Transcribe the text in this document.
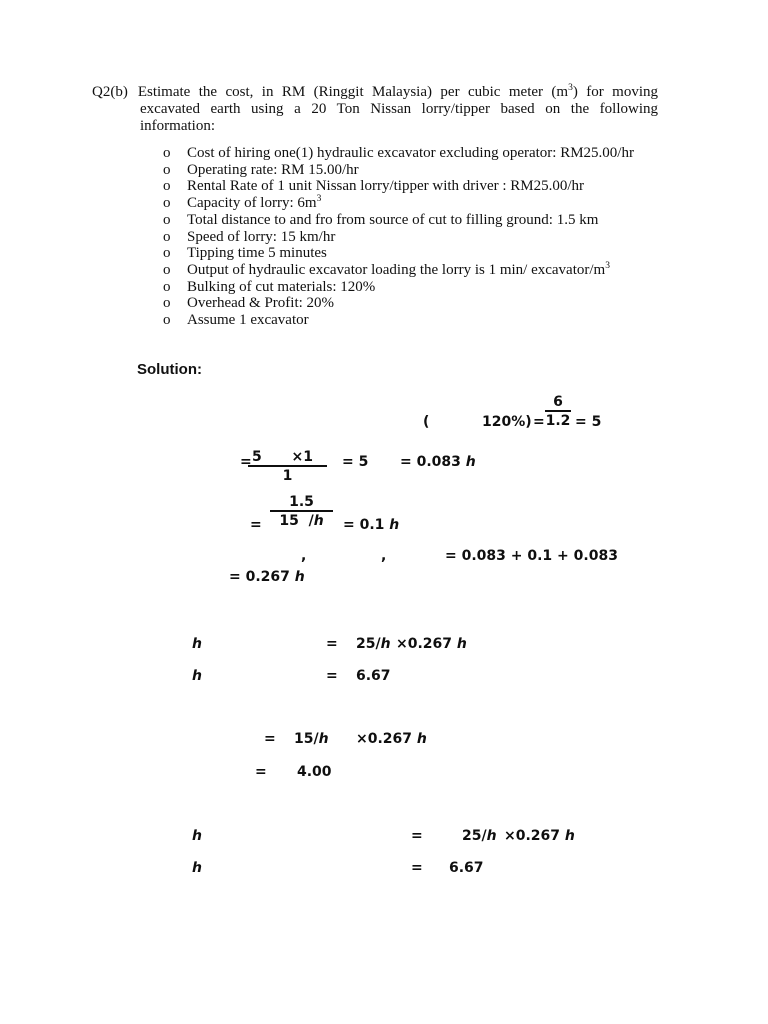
Q2(b) Estimate the cost, in RM (Ringgit Malaysia) per cubic meter $(m^3)$ for moving excavated earth using a 20 Ton Nissan lorry/tipper based on the following information:

o	Cost of hiring one(1) hydraulic excavator excluding operator: RM25.00/hr
o	Operating rate: RM 15.00/hr
o	Rental Rate of 1 unit Nissan lorry/tipper with driver : RM25.00/hr
o	Capacity of lorry: $6m^3$
o	Total distance to and fro from source of cut to filling ground: 1.5 km
o	Speed of lorry: 15 km/hr
o	Tipping time 5 minutes
o	Output of hydraulic excavator loading the lorry is 1 min/ excavator/$m^3$
o	Bulking of cut materials: 120%
o	Overhead & Profit: 20%
o	Assume 1 excavator
Solution:
(	$120\%) = \frac{6}{1.2} = 5$
=
$\frac{5 \times 1}{1} = 5 = 0.083$ ℎ
=
1.5
15  /ℎ	= 0.1 ℎ
,	,	= 0.083 + 0.1 + 0.083
= 0.267 ℎ
ℎ	= 25/ℎ ×0.267 ℎ
ℎ	= 6.67
= 15/ℎ ×0.267 ℎ
= 4.00
ℎ	=	25/ℎ ×0.267 ℎ
ℎ	= 6.67
